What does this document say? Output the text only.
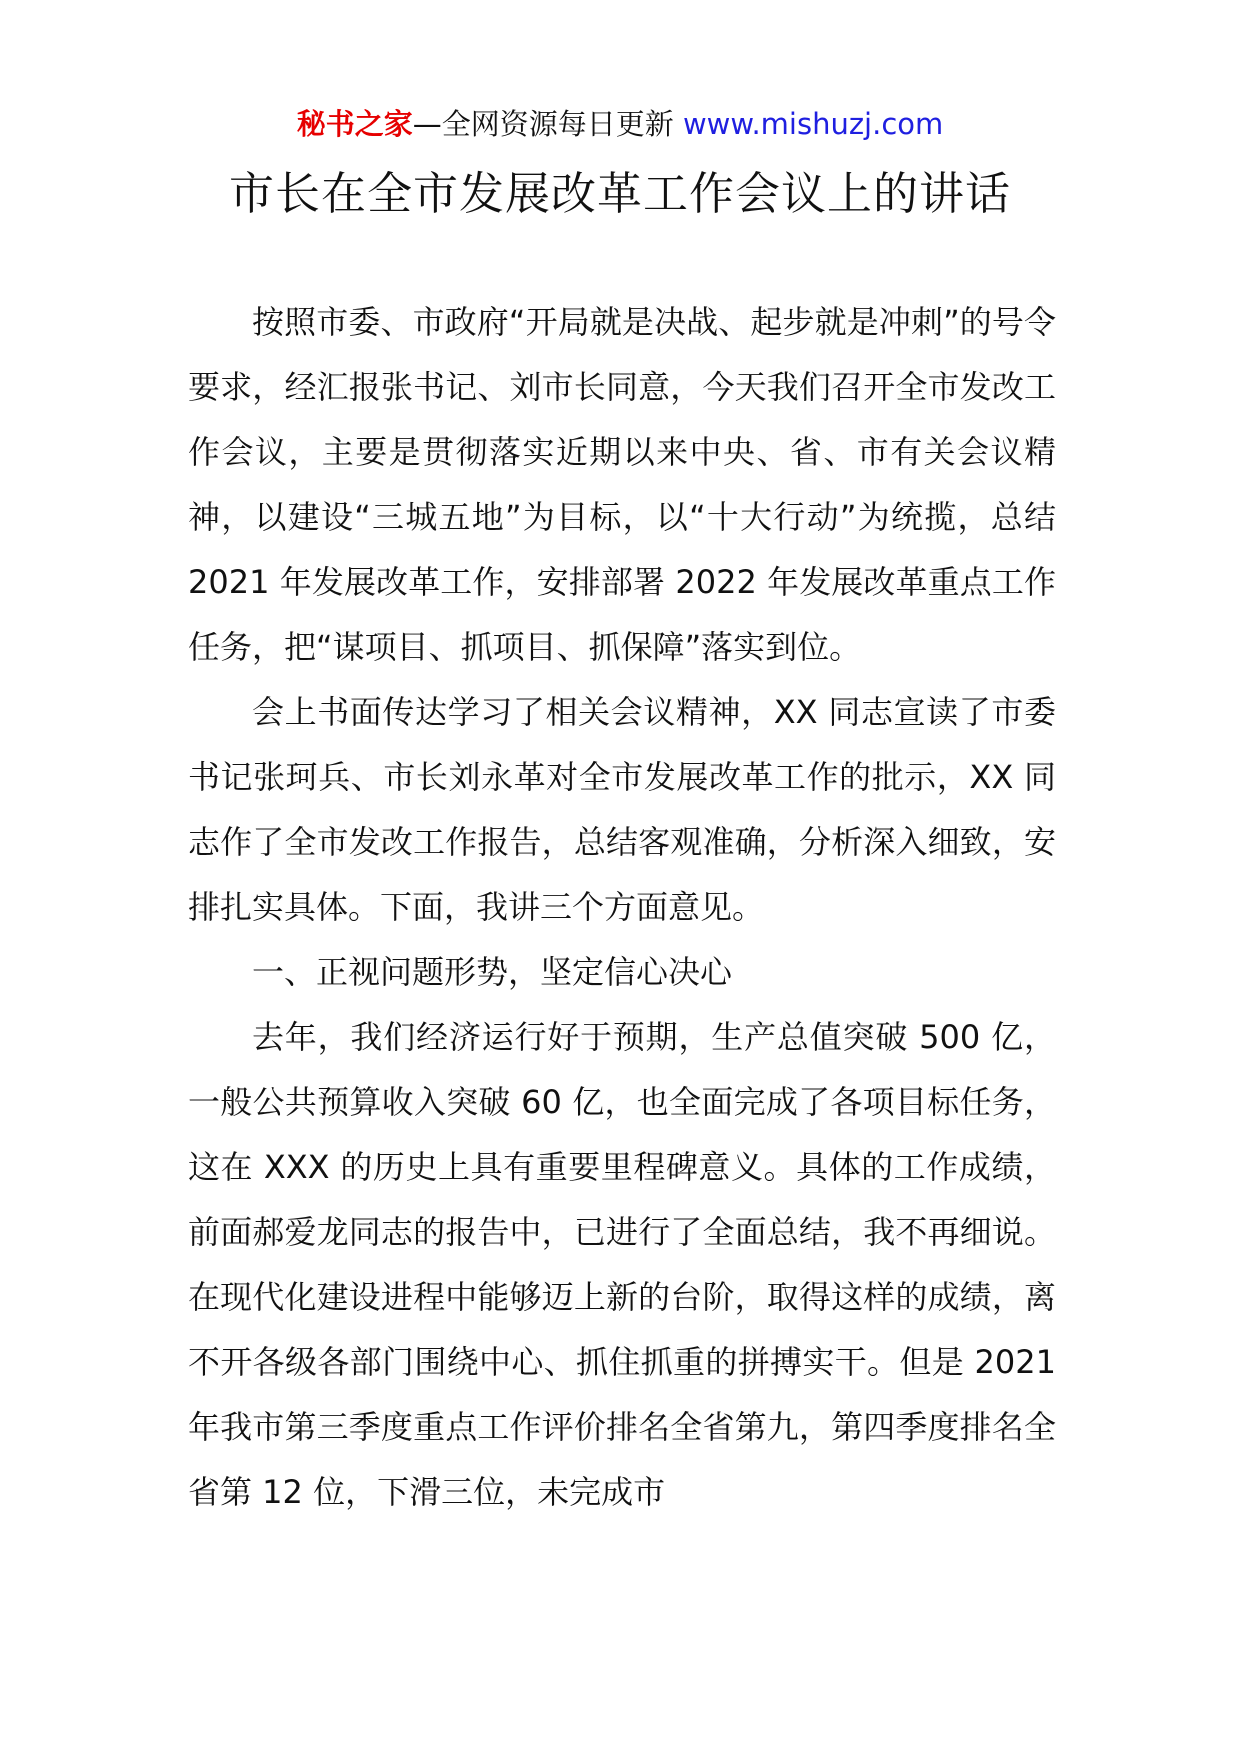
秘书之家—全网资源每日更新 www.mishuzj.com
市长在全市发展改革工作会议上的讲话

按照市委、市政府“开局就是决战、起步就是冲刺”的号令要求，经汇报张书记、刘市长同意，今天我们召开全市发改工作会议，主要是贯彻落实近期以来中央、省、市有关会议精神，以建设“三城五地”为目标，以“十大行动”为统揽，总结 2021 年发展改革工作，安排部署 2022 年发展改革重点工作任务，把“谋项目、抓项目、抓保障”落实到位。

会上书面传达学习了相关会议精神，XX 同志宣读了市委书记张珂兵、市长刘永革对全市发展改革工作的批示，XX 同志作了全市发改工作报告，总结客观准确，分析深入细致，安排扎实具体。下面，我讲三个方面意见。

一、正视问题形势，坚定信心决心

去年，我们经济运行好于预期，生产总值突破 500 亿，一般公共预算收入突破 60 亿，也全面完成了各项目标任务，这在 XXX 的历史上具有重要里程碑意义。具体的工作成绩，前面郝爱龙同志的报告中，已进行了全面总结，我不再细说。在现代化建设进程中能够迈上新的台阶，取得这样的成绩，离不开各级各部门围绕中心、抓住抓重的拼搏实干。但是 2021 年我市第三季度重点工作评价排名全省第九，第四季度排名全省第 12 位，下滑三位，未完成市
